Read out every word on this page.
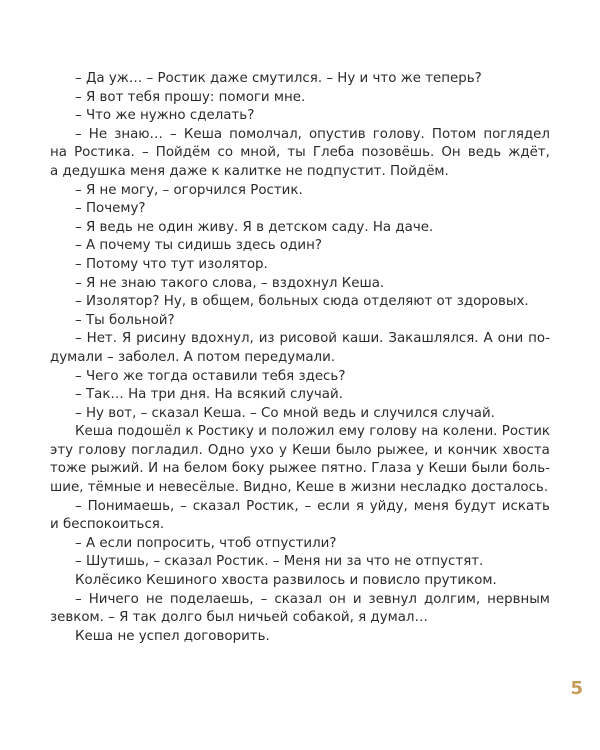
– Да уж… – Ростик даже смутился. – Ну и что же теперь?
– Я вот тебя прошу: помоги мне.
– Что же нужно сделать?
– Не знаю… – Кеша помолчал, опустив голову. Потом поглядел
на Ростика. – Пойдём со мной, ты Глеба позовёшь. Он ведь ждёт,
а дедушка меня даже к калитке не подпустит. Пойдём.
– Я не могу, – огорчился Ростик.
– Почему?
– Я ведь не один живу. Я в детском саду. На даче.
– А почему ты сидишь здесь один?
– Потому что тут изолятор.
– Я не знаю такого слова, – вздохнул Кеша.
– Изолятор? Ну, в общем, больных сюда отделяют от здоровых.
– Ты больной?
– Нет. Я рисину вдохнул, из рисовой каши. Закашлялся. А они по-
думали – заболел. А потом передумали.
– Чего же тогда оставили тебя здесь?
– Так… На три дня. На всякий случай.
– Ну вот, – сказал Кеша. – Со мной ведь и случился случай.
Кеша подошёл к Ростику и положил ему голову на колени. Ростик
эту голову погладил. Одно ухо у Кеши было рыжее, и кончик хвоста
тоже рыжий. И на белом боку рыжее пятно. Глаза у Кеши были боль-
шие, тёмные и невесёлые. Видно, Кеше в жизни несладко досталось.
– Понимаешь, – сказал Ростик, – если я уйду, меня будут искать
и беспокоиться.
– А если попросить, чтоб отпустили?
– Шутишь, – сказал Ростик. – Меня ни за что не отпустят.
Колёсико Кешиного хвоста развилось и повисло прутиком.
– Ничего не поделаешь, – сказал он и зевнул долгим, нервным
зевком. – Я так долго был ничьей собакой, я думал…
Кеша не успел договорить.
5
